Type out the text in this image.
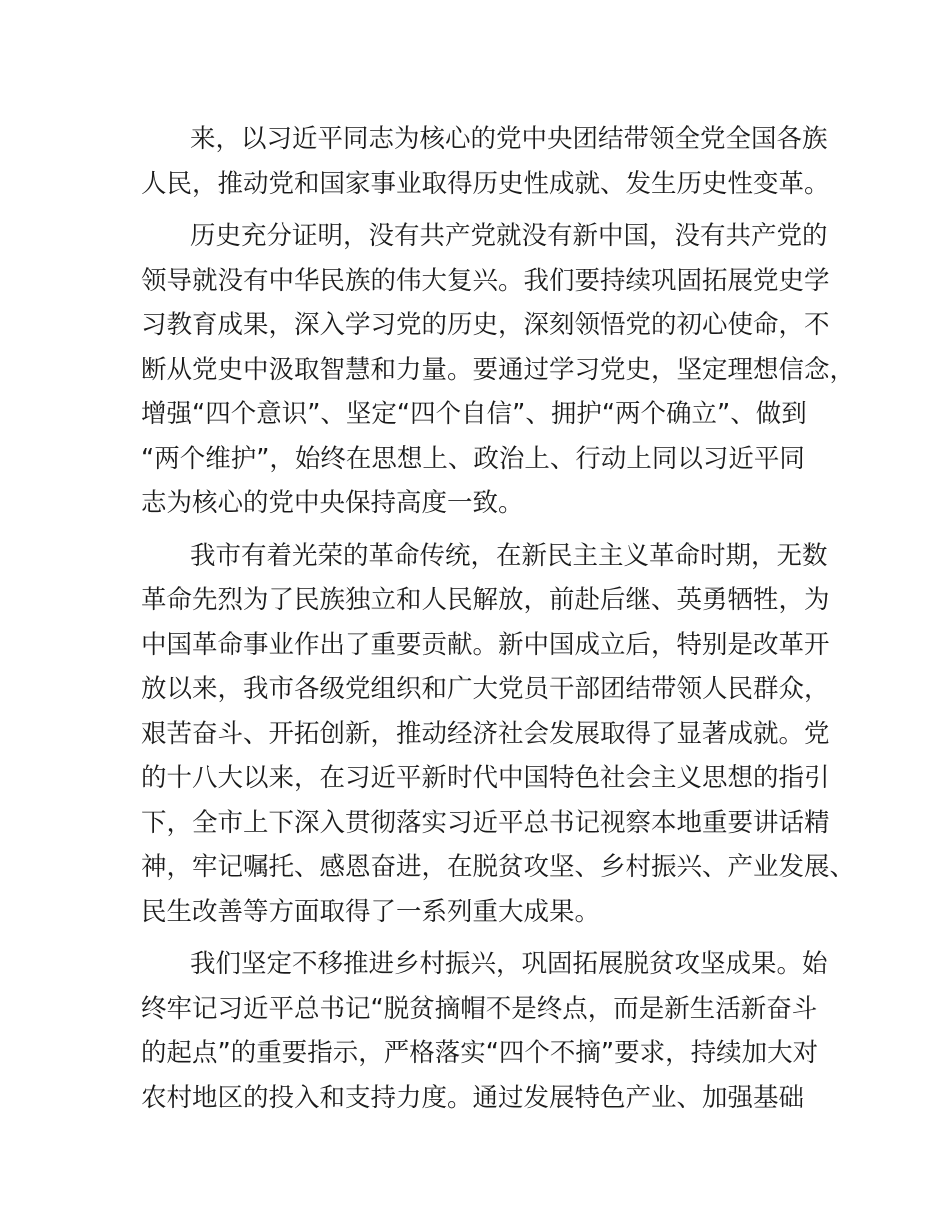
来，以习近平同志为核心的党中央团结带领全党全国各族
人民，推动党和国家事业取得历史性成就、发生历史性变革。
历史充分证明，没有共产党就没有新中国，没有共产党的
领导就没有中华民族的伟大复兴。我们要持续巩固拓展党史学
习教育成果，深入学习党的历史，深刻领悟党的初心使命，不
断从党史中汲取智慧和力量。要通过学习党史，坚定理想信念，
增强“四个意识”、坚定“四个自信”、拥护“两个确立”、做到
“两个维护”，始终在思想上、政治上、行动上同以习近平同
志为核心的党中央保持高度一致。
我市有着光荣的革命传统，在新民主主义革命时期，无数
革命先烈为了民族独立和人民解放，前赴后继、英勇牺牲，为
中国革命事业作出了重要贡献。新中国成立后，特别是改革开
放以来，我市各级党组织和广大党员干部团结带领人民群众，
艰苦奋斗、开拓创新，推动经济社会发展取得了显著成就。党
的十八大以来，在习近平新时代中国特色社会主义思想的指引
下，全市上下深入贯彻落实习近平总书记视察本地重要讲话精
神，牢记嘱托、感恩奋进，在脱贫攻坚、乡村振兴、产业发展、
民生改善等方面取得了一系列重大成果。
我们坚定不移推进乡村振兴，巩固拓展脱贫攻坚成果。始
终牢记习近平总书记“脱贫摘帽不是终点，而是新生活新奋斗
的起点”的重要指示，严格落实“四个不摘”要求，持续加大对
农村地区的投入和支持力度。通过发展特色产业、加强基础
